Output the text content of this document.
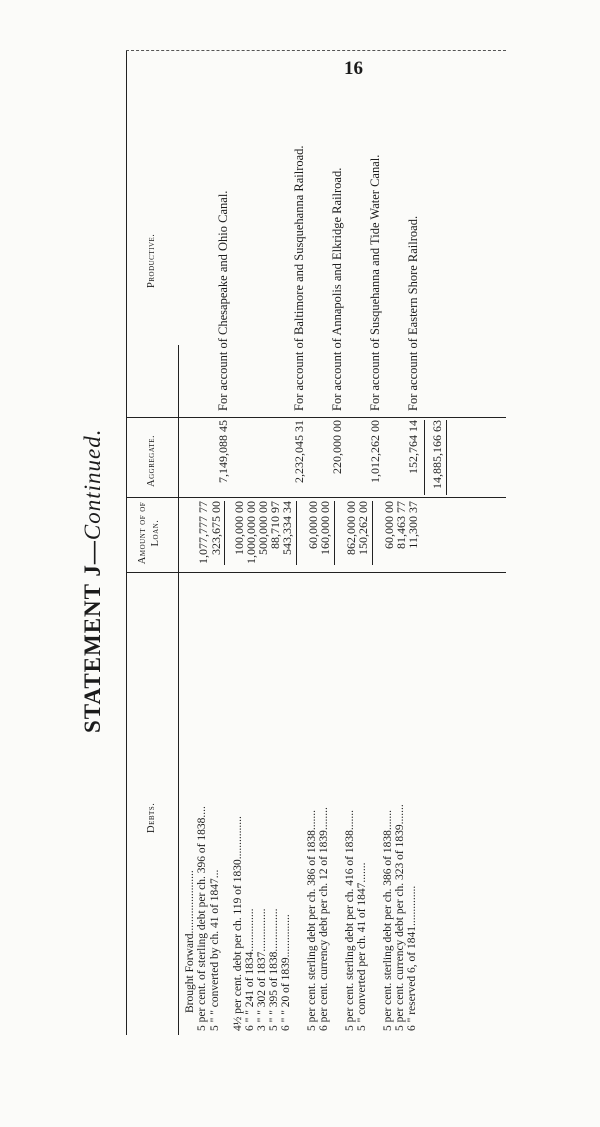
16
STATEMENT J—Continued.
Debts.
Amount of of Loan.
Aggregate.
Productive.
Brought Forward...................... 5 per cent. of sterling debt per ch. 396 of 1838....
1,077,777 77
5 " " converted by ch. 41 of 1847...
323,675 00
4½ per cent. debt per ch. 119 of 1830...............
100,000 00
6 " " 241 of 1834...............
1,000,000 00
3 " " 302 of 1837...............
500,000 00
5 " " 395 of 1838...............
88,710 97
6 " " 20 of 1839...............
543,334 34
7,149,088 45
For account of Chesapeake and Ohio Canal.
5 per cent. sterling debt per ch. 386 of 1838.......
60,000 00
6 per cent. currency debt per ch. 12 of 1839........
160,000 00
2,232,045 31
For account of Baltimore and Susquehanna Railroad.
5 per cent. sterling debt per ch. 416 of 1838.......
862,000 00
5 " converted per ch. 41 of 1847.......
150,262 00
220,000 00
For account of Annapolis and Elkridge Railroad.
5 per cent. sterling debt per ch. 386 of 1838.......
60,000 00
5 per cent. currency debt per ch. 323 of 1839.......
81,463 77
6 " reserved 6, of 1841..............
11,300 37
1,012,262 00
For account of Susquehanna and Tide Water Canal.
152,764 14
For account of Eastern Shore Railroad.
14,885,166 63
